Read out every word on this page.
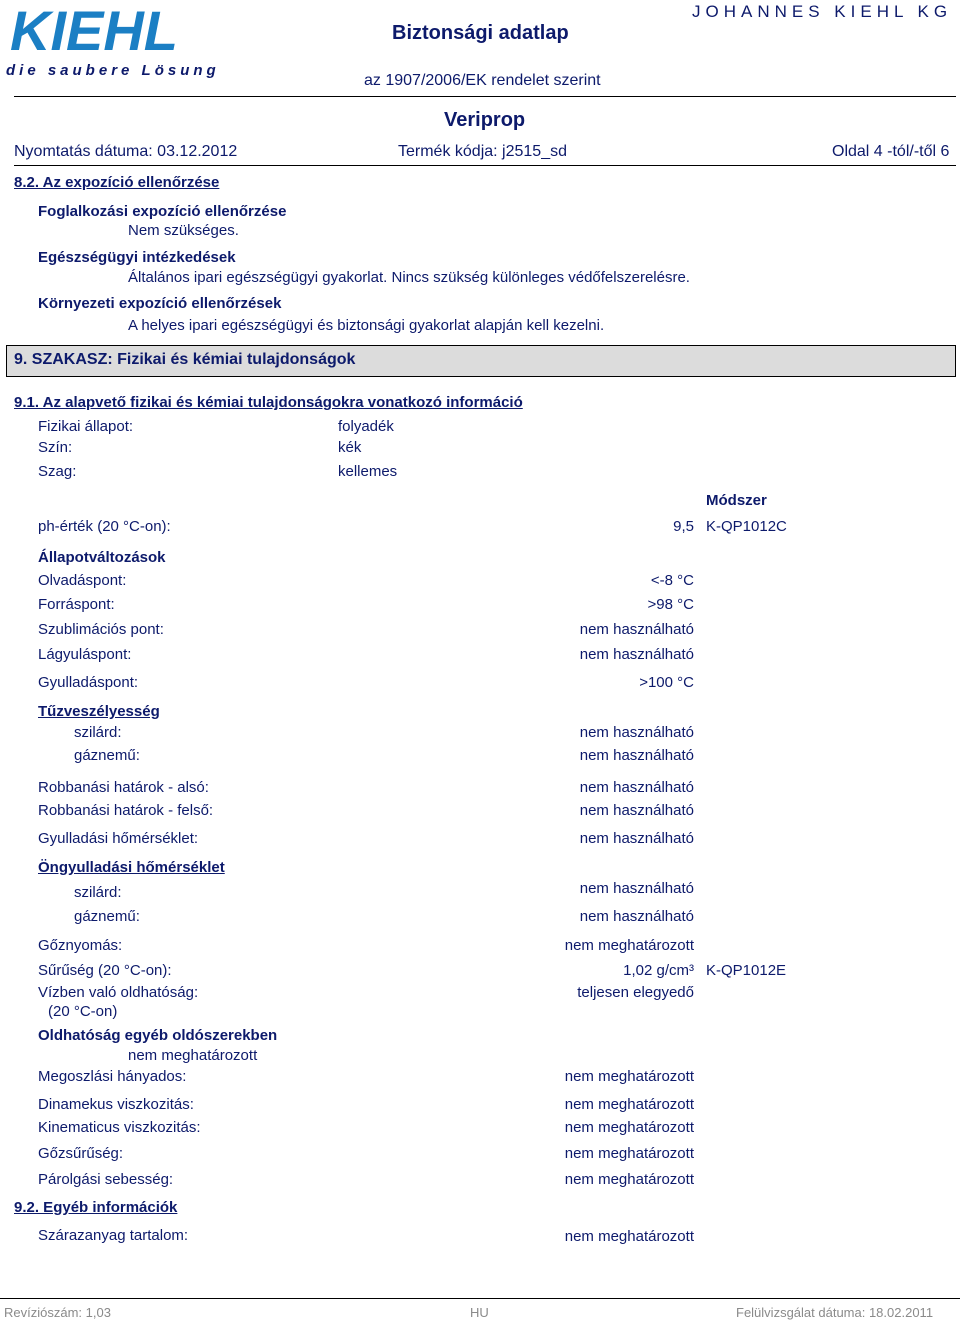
KIEHL
die saubere Lösung
Biztonsági adatlap
JOHANNES KIEHL KG
az 1907/2006/EK rendelet szerint
Veriprop
Nyomtatás dátuma: 03.12.2012	Termék kódja: j2515_sd	Oldal 4 -tól/-től 6
8.2. Az expozíció ellenőrzése
Foglalkozási expozíció ellenőrzése
Nem szükséges.
Egészségügyi intézkedések
Általános ipari egészségügyi gyakorlat. Nincs szükség különleges védőfelszerelésre.
Környezeti expozíció ellenőrzések
A helyes ipari egészségügyi és biztonsági gyakorlat alapján kell kezelni.
9. SZAKASZ: Fizikai és kémiai tulajdonságok
9.1. Az alapvető fizikai és kémiai tulajdonságokra vonatkozó információ
Fizikai állapot:	folyadék
Szín:	kék
Szag:	kellemes
Módszer
ph-érték (20 °C-on):	9,5 K-QP1012C
Állapotváltozások
Olvadáspont:	<-8 °C
Forráspont:	>98 °C
Szublimációs pont:	nem használható
Lágyuláspont:	nem használható
Gyulladáspont:	>100 °C
Tűzveszélyesség
szilárd:	nem használható
gáznemű:	nem használható
Robbanási határok - alsó:	nem használható
Robbanási határok - felső:	nem használható
Gyulladási hőmérséklet:	nem használható
Öngyulladási hőmérséklet
szilárd:	nem használható
gáznemű:	nem használható
Gőznyomás:	nem meghatározott
Sűrűség (20 °C-on):	1,02 g/cm³ K-QP1012E
Vízben való oldhatóság:
(20 °C-on)
teljesen elegyedő
Oldhatóság egyéb oldószerekben
nem meghatározott
Megoszlási hányados:	nem meghatározott
Dinamekus viszkozitás:	nem meghatározott
Kinematicus viszkozitás:	nem meghatározott
Gőzsűrűség:	nem meghatározott
Párolgási sebesség:	nem meghatározott
9.2. Egyéb információk
Szárazanyag tartalom:	nem meghatározott
Revíziószám: 1,03	HU	Felülvizsgálat dátuma: 18.02.2011
